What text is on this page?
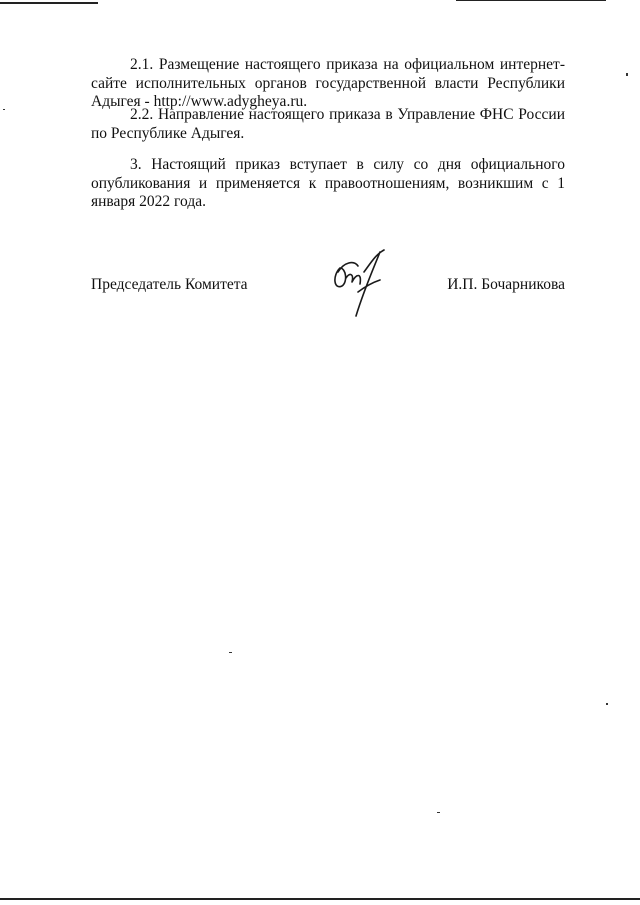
2.1. Размещение настоящего приказа на официальном интернет-сайте исполнительных органов государственной власти Республики Адыгея - http://www.adygheya.ru.

2.2. Направление настоящего приказа в Управление ФНС России по Республике Адыгея.

3. Настоящий приказ вступает в силу со дня официального опубликования и применяется к правоотношениям, возникшим с 1 января 2022 года.

Председатель Комитета	И.П. Бочарникова
